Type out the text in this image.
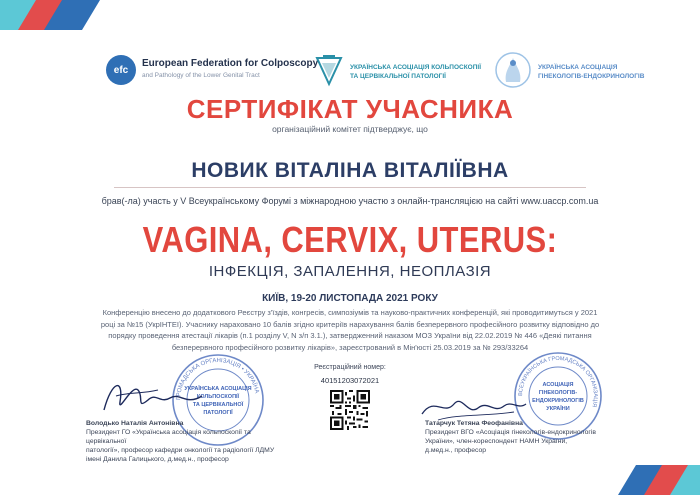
efc
European Federation for Colposcopy
and Pathology of the Lower Genital Tract
УКРАЇНСЬКА АСОЦІАЦІЯ КОЛЬПОСКОПІЇ
ТА ЦЕРВІКАЛЬНОЇ ПАТОЛОГІЇ
УКРАЇНСЬКА АСОЦІАЦІЯ
ГІНЕКОЛОГІВ-ЕНДОКРИНОЛОГІВ
СЕРТИФІКАТ УЧАСНИКА
організаційний комітет підтверджує, що
НОВИК ВІТАЛІНА ВІТАЛІЇВНА
брав(-ла) участь у V Всеукраїнському Форумі з міжнародною участю з онлайн-трансляцією на сайті www.uaccp.com.ua
VAGINA, CERVIX, UTERUS:
ІНФЕКЦІЯ, ЗАПАЛЕННЯ, НЕОПЛАЗІЯ
КИЇВ, 19-20 ЛИСТОПАДА 2021 РОКУ
Конференцію внесено до додаткового Реєстру з'їздів, конгресів, симпозіумів та науково-практичних конференцій, які проводитимуться у 2021 році за №15 (УкрІНТЕІ). Учаснику нараховано 10 балів згідно критеріїв нарахування балів безперервного професійного розвитку відповідно до порядку проведення атестації лікарів (п.1 розділу V, N з/п 3.1.), затвердженний наказом МОЗ України від 22.02.2019 № 446 «Деякі питання безперервного професійного розвитку лікарів», зареєстрований в Мін'юсті 25.03.2019 за № 293/33264
ГРОМАДСЬКА ОРГАНІЗАЦІЯ • УКРАЇНА
УКРАЇНСЬКА АСОЦІАЦІЯ
КОЛЬПОСКОПІЇ
ТА ЦЕРВІКАЛЬНОЇ
ПАТОЛОГІЇ
ВСЕУКРАЇНСЬКА ГРОМАДСЬКА ОРГАНІЗАЦІЯ
АСОЦІАЦІЯ
ГІНЕКОЛОГІВ-
ЕНДОКРИНОЛОГІВ
УКРАЇНИ
Володько Наталія Антонівна
Президент ГО «Українська асоціація кольпоскопії та цервікальної
патології», професор кафедри онкології та радіології ЛДМУ
імені Данила Галицького, д.мед.н., професор
Татарчук Тетяна Феофанівна
Президент ВГО «Асоціація гінекологів-ендокринологів
України», член-кореспондент НАМН України,
д.мед.н., професор
Реєстраційний номер:
40151203072021
